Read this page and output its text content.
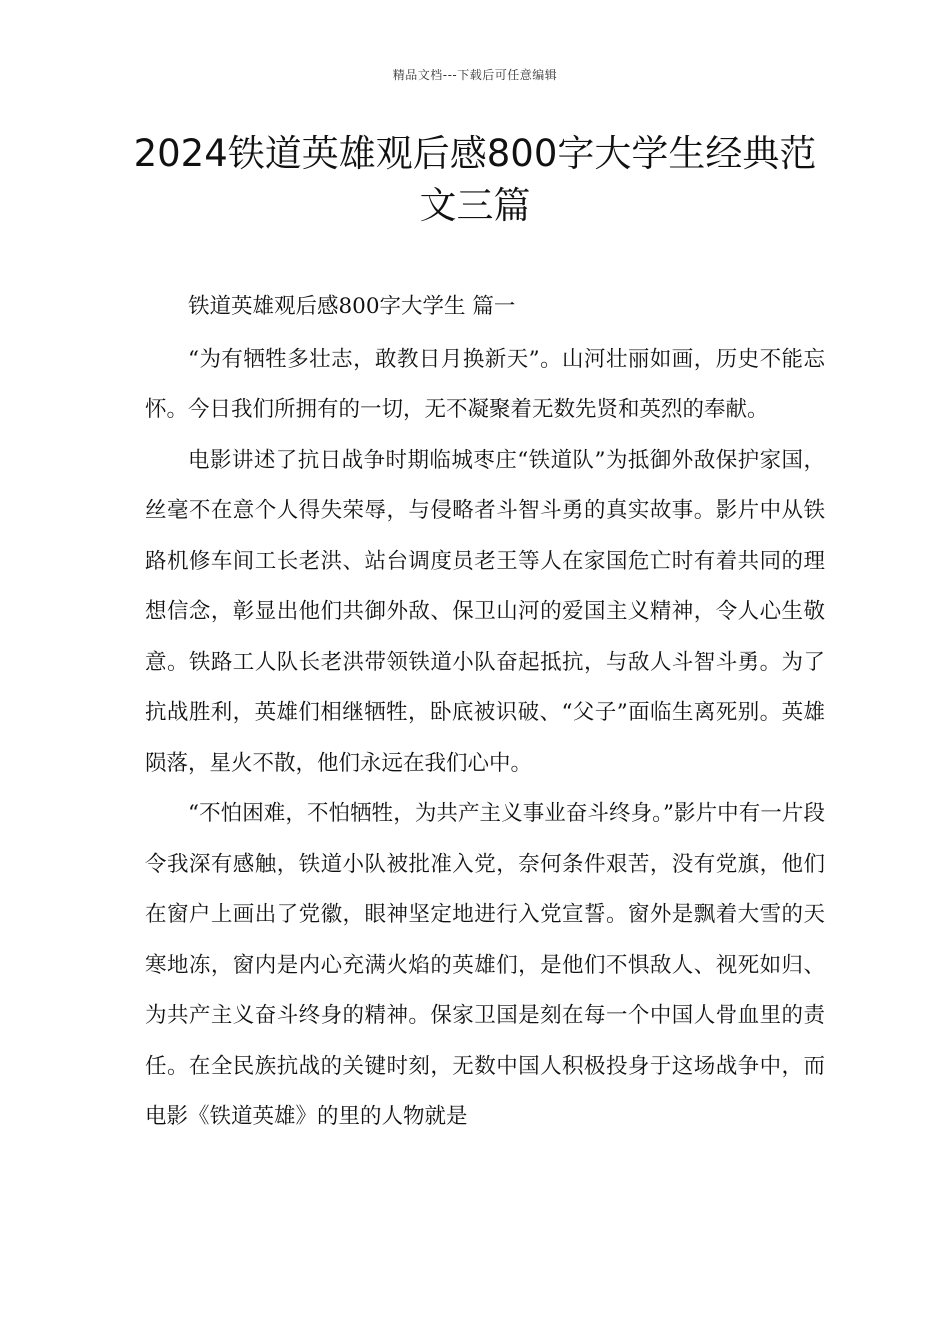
精品文档---下载后可任意编辑
2024铁道英雄观后感800字大学生经典范文三篇

铁道英雄观后感800字大学生 篇一

“为有牺牲多壮志，敢教日月换新天”。山河壮丽如画，历史不能忘怀。今日我们所拥有的一切，无不凝聚着无数先贤和英烈的奉献。

电影讲述了抗日战争时期临城枣庄“铁道队”为抵御外敌保护家国，丝毫不在意个人得失荣辱，与侵略者斗智斗勇的真实故事。影片中从铁路机修车间工长老洪、站台调度员老王等人在家国危亡时有着共同的理想信念，彰显出他们共御外敌、保卫山河的爱国主义精神，令人心生敬意。铁路工人队长老洪带领铁道小队奋起抵抗，与敌人斗智斗勇。为了抗战胜利，英雄们相继牺牲，卧底被识破、“父子”面临生离死别。英雄陨落，星火不散，他们永远在我们心中。

“不怕困难，不怕牺牲，为共产主义事业奋斗终身。”影片中有一片段令我深有感触，铁道小队被批准入党，奈何条件艰苦，没有党旗，他们在窗户上画出了党徽，眼神坚定地进行入党宣誓。窗外是飘着大雪的天寒地冻，窗内是内心充满火焰的英雄们，是他们不惧敌人、视死如归、为共产主义奋斗终身的精神。保家卫国是刻在每一个中国人骨血里的责任。在全民族抗战的关键时刻，无数中国人积极投身于这场战争中，而电影《铁道英雄》的里的人物就是
